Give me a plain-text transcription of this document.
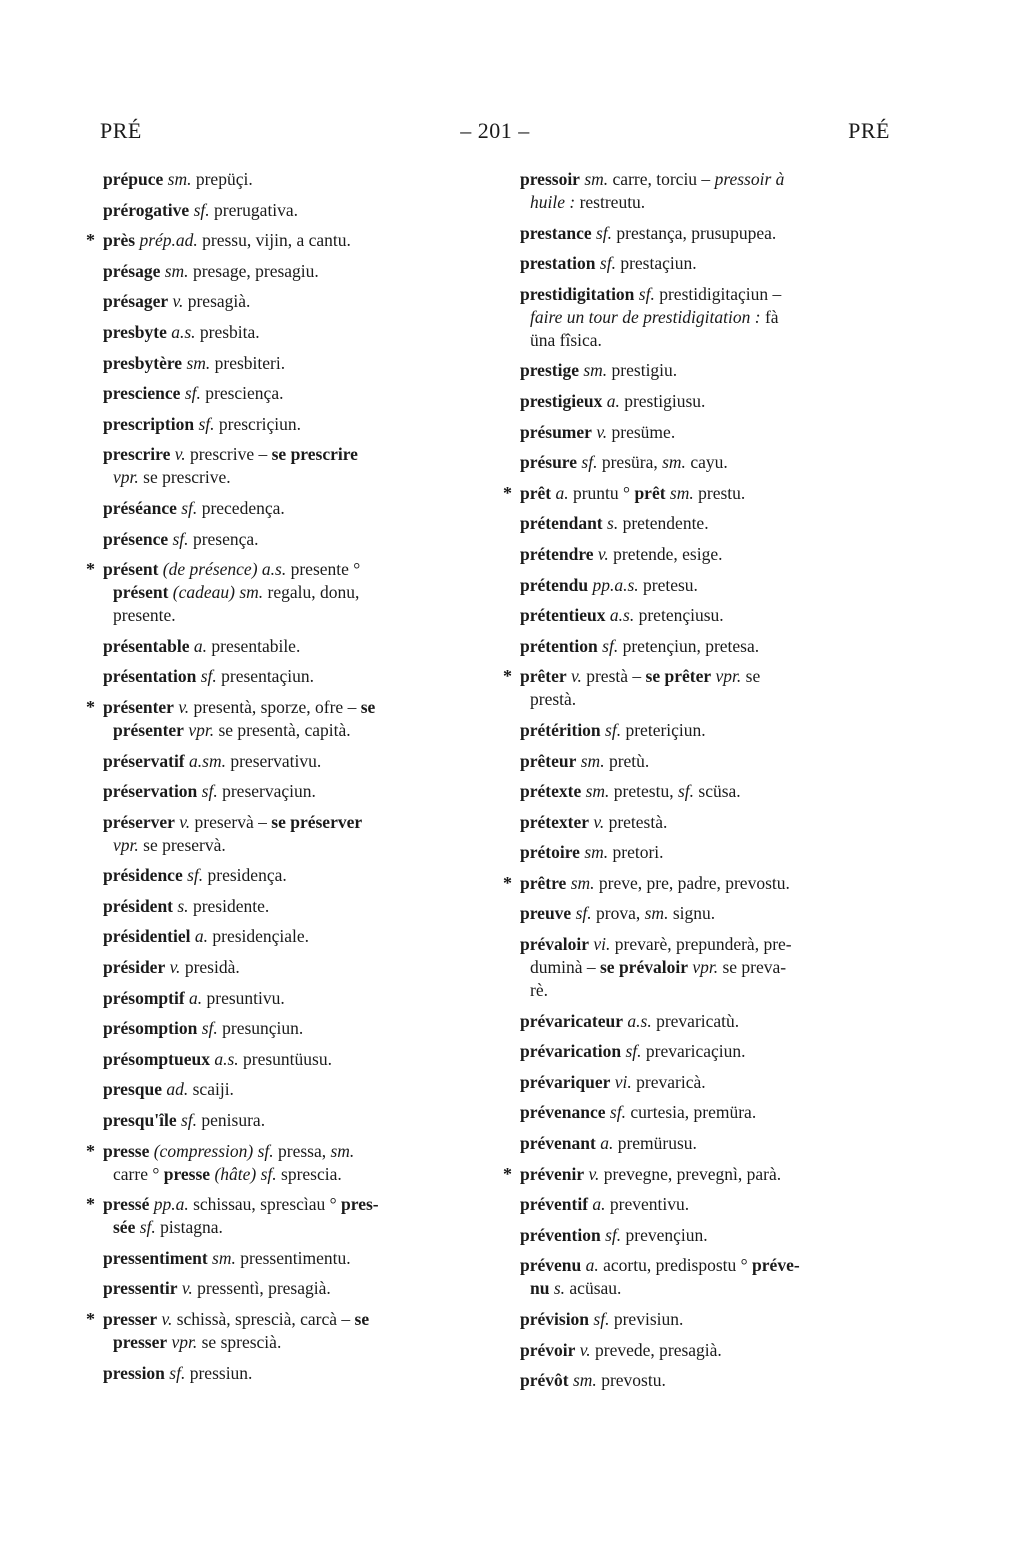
PRÉ	– 201 –	PRÉ
prépuce sm. prepüçi.
prérogative sf. prerugativa.
* près prép.ad. pressu, vijin, a cantu.
présage sm. presage, presagiu.
présager v. presagià.
presbyte a.s. presbita.
presbytère sm. presbiteri.
prescience sf. presciença.
prescription sf. prescriçiun.
prescrire v. prescrive – se prescrire
vpr. se prescrive.
préséance sf. precedença.
présence sf. presença.
* présent (de présence) a.s. presente °
présent (cadeau) sm. regalu, donu,
presente.
présentable a. presentabile.
présentation sf. presentaçiun.
* présenter v. presentà, sporze, ofre – se
présenter vpr. se presentà, capità.
préservatif a.sm. preservativu.
préservation sf. preservaçiun.
préserver v. preservà – se préserver
vpr. se preservà.
présidence sf. presidença.
président s. presidente.
présidentiel a. presidençiale.
présider v. presidà.
présomptif a. presuntivu.
présomption sf. presunçiun.
présomptueux a.s. presuntüusu.
presque ad. scaiji.
presqu'île sf. penisura.
* presse (compression) sf. pressa, sm.
carre ° presse (hâte) sf. sprescia.
* pressé pp.a. schissau, sprescìau ° pres-
sée sf. pistagna.
pressentiment sm. pressentimentu.
pressentir v. pressentì, presagià.
* presser v. schissà, sprescià, carcà – se
presser vpr. se sprescià.
pression sf. pressiun.
pressoir sm. carre, torciu – pressoir à
huile : restreutu.
prestance sf. prestança, prusupupea.
prestation sf. prestaçiun.
prestidigitation sf. prestidigitaçiun –
faire un tour de prestidigitation : fà
üna fîsica.
prestige sm. prestigiu.
prestigieux a. prestigiusu.
présumer v. presüme.
présure sf. presüra, sm. cayu.
* prêt a. pruntu ° prêt sm. prestu.
prétendant s. pretendente.
prétendre v. pretende, esige.
prétendu pp.a.s. pretesu.
prétentieux a.s. pretençiusu.
prétention sf. pretençiun, pretesa.
* prêter v. prestà – se prêter vpr. se
prestà.
prétérition sf. preteriçiun.
prêteur sm. pretù.
prétexte sm. pretestu, sf. scüsa.
prétexter v. pretestà.
prétoire sm. pretori.
* prêtre sm. preve, pre, padre, prevostu.
preuve sf. prova, sm. signu.
prévaloir vi. prevarè, prepunderà, pre-
duminà – se prévaloir vpr. se preva-
rè.
prévaricateur a.s. prevaricatù.
prévarication sf. prevaricaçiun.
prévariquer vi. prevaricà.
prévenance sf. curtesia, premüra.
prévenant a. premürusu.
* prévenir v. prevegne, prevegnì, parà.
préventif a. preventivu.
prévention sf. prevençiun.
prévenu a. acortu, predispostu ° préve-
nu s. acüsau.
prévision sf. previsiun.
prévoir v. prevede, presagià.
prévôt sm. prevostu.
